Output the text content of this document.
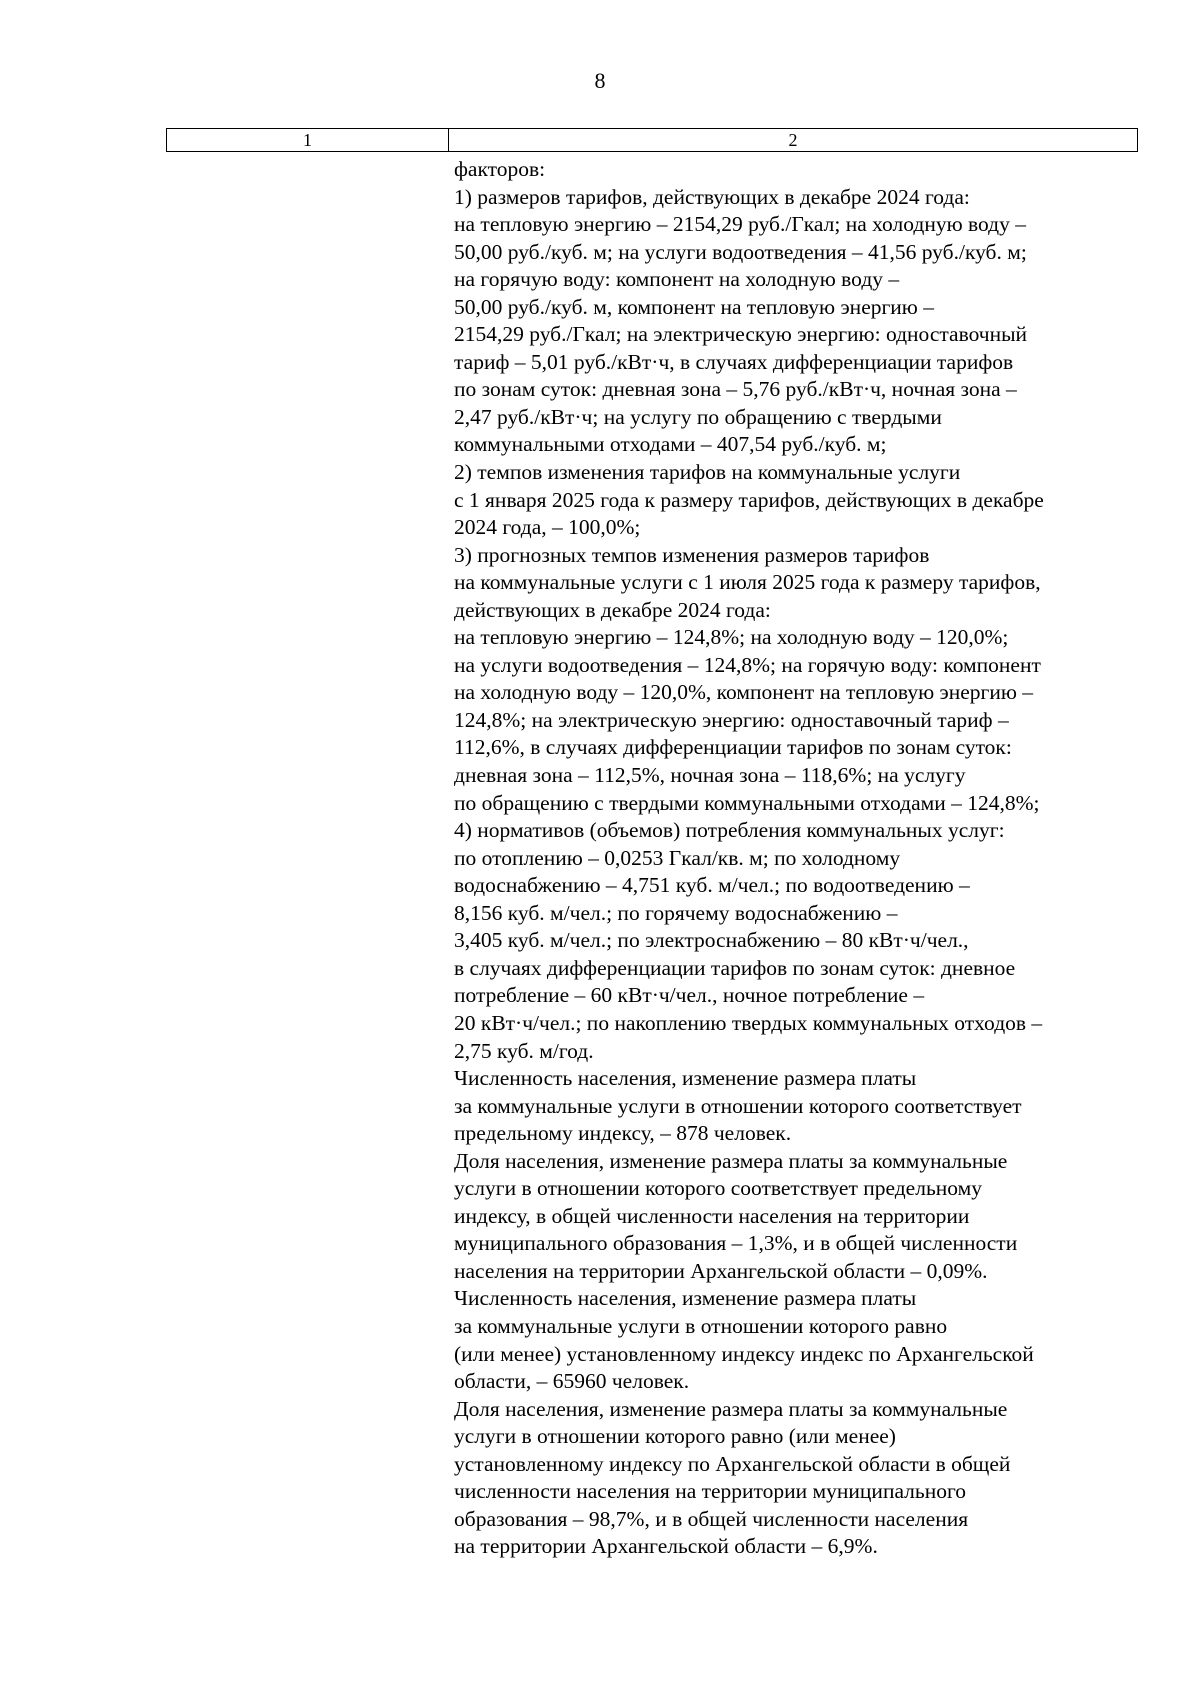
8
1	2
факторов:
1) размеров тарифов, действующих в декабре 2024 года:
на тепловую энергию – 2154,29 руб./Гкал; на холодную воду –
50,00 руб./куб. м; на услуги водоотведения – 41,56 руб./куб. м;
на горячую воду: компонент на холодную воду –
50,00 руб./куб. м, компонент на тепловую энергию –
2154,29 руб./Гкал; на электрическую энергию: одноставочный
тариф – 5,01 руб./кВт·ч, в случаях дифференциации тарифов
по зонам суток: дневная зона – 5,76 руб./кВт·ч, ночная зона –
2,47 руб./кВт·ч; на услугу по обращению с твердыми
коммунальными отходами – 407,54 руб./куб. м;
2) темпов изменения тарифов на коммунальные услуги
с 1 января 2025 года к размеру тарифов, действующих в декабре
2024 года, – 100,0%;
3) прогнозных темпов изменения размеров тарифов
на коммунальные услуги с 1 июля 2025 года к размеру тарифов,
действующих в декабре 2024 года:
на тепловую энергию – 124,8%; на холодную воду – 120,0%;
на услуги водоотведения – 124,8%; на горячую воду: компонент
на холодную воду – 120,0%, компонент на тепловую энергию –
124,8%; на электрическую энергию: одноставочный тариф –
112,6%, в случаях дифференциации тарифов по зонам суток:
дневная зона – 112,5%, ночная зона – 118,6%; на услугу
по обращению с твердыми коммунальными отходами – 124,8%;
4) нормативов (объемов) потребления коммунальных услуг:
по отоплению – 0,0253 Гкал/кв. м; по холодному
водоснабжению – 4,751 куб. м/чел.; по водоотведению –
8,156 куб. м/чел.; по горячему водоснабжению –
3,405 куб. м/чел.; по электроснабжению – 80 кВт·ч/чел.,
в случаях дифференциации тарифов по зонам суток: дневное
потребление – 60 кВт·ч/чел., ночное потребление –
20 кВт·ч/чел.; по накоплению твердых коммунальных отходов –
2,75 куб. м/год.
Численность населения, изменение размера платы
за коммунальные услуги в отношении которого соответствует
предельному индексу, – 878 человек.
Доля населения, изменение размера платы за коммунальные
услуги в отношении которого соответствует предельному
индексу, в общей численности населения на территории
муниципального образования – 1,3%, и в общей численности
населения на территории Архангельской области – 0,09%.
Численность населения, изменение размера платы
за коммунальные услуги в отношении которого равно
(или менее) установленному индексу индекс по Архангельской
области, – 65960 человек.
Доля населения, изменение размера платы за коммунальные
услуги в отношении которого равно (или менее)
установленному индексу по Архангельской области в общей
численности населения на территории муниципального
образования – 98,7%, и в общей численности населения
на территории Архангельской области – 6,9%.
